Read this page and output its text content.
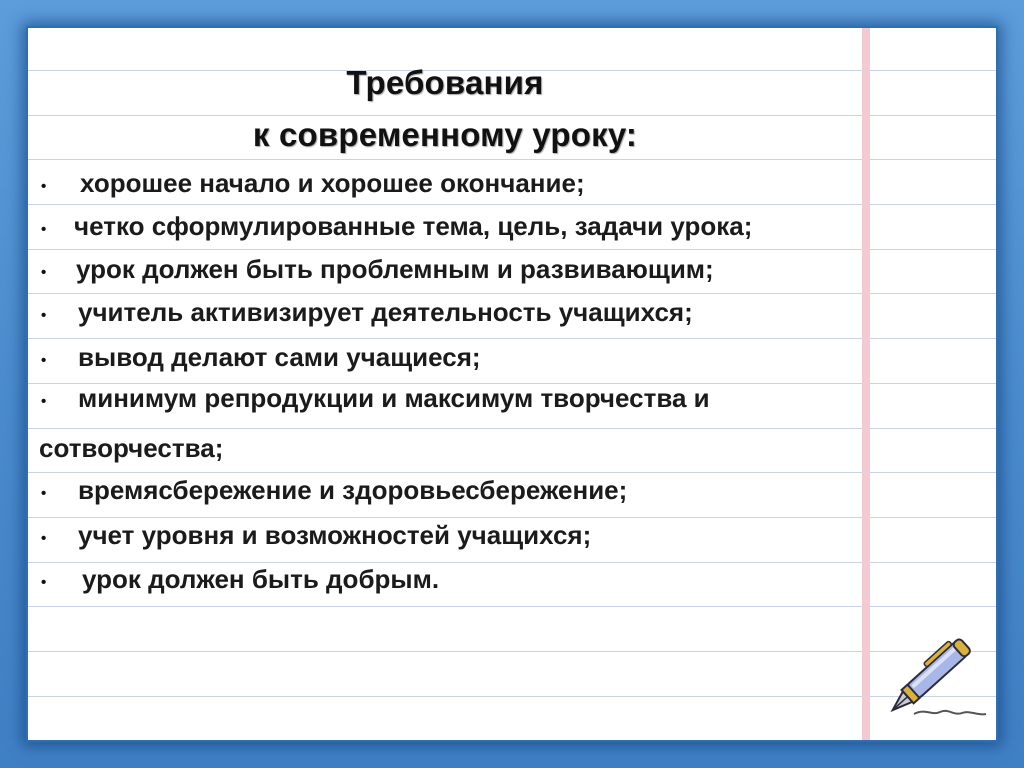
Требования
к современному уроку:
• хорошее начало и хорошее окончание;
• четко сформулированные тема, цель, задачи урока;
• урок должен быть проблемным и развивающим;
• учитель активизирует деятельность учащихся;
• вывод делают сами учащиеся;
• минимум репродукции и максимум творчества и
сотворчества;
• времясбережение и здоровьесбережение;
• учет уровня и возможностей учащихся;
• урок должен быть добрым.
